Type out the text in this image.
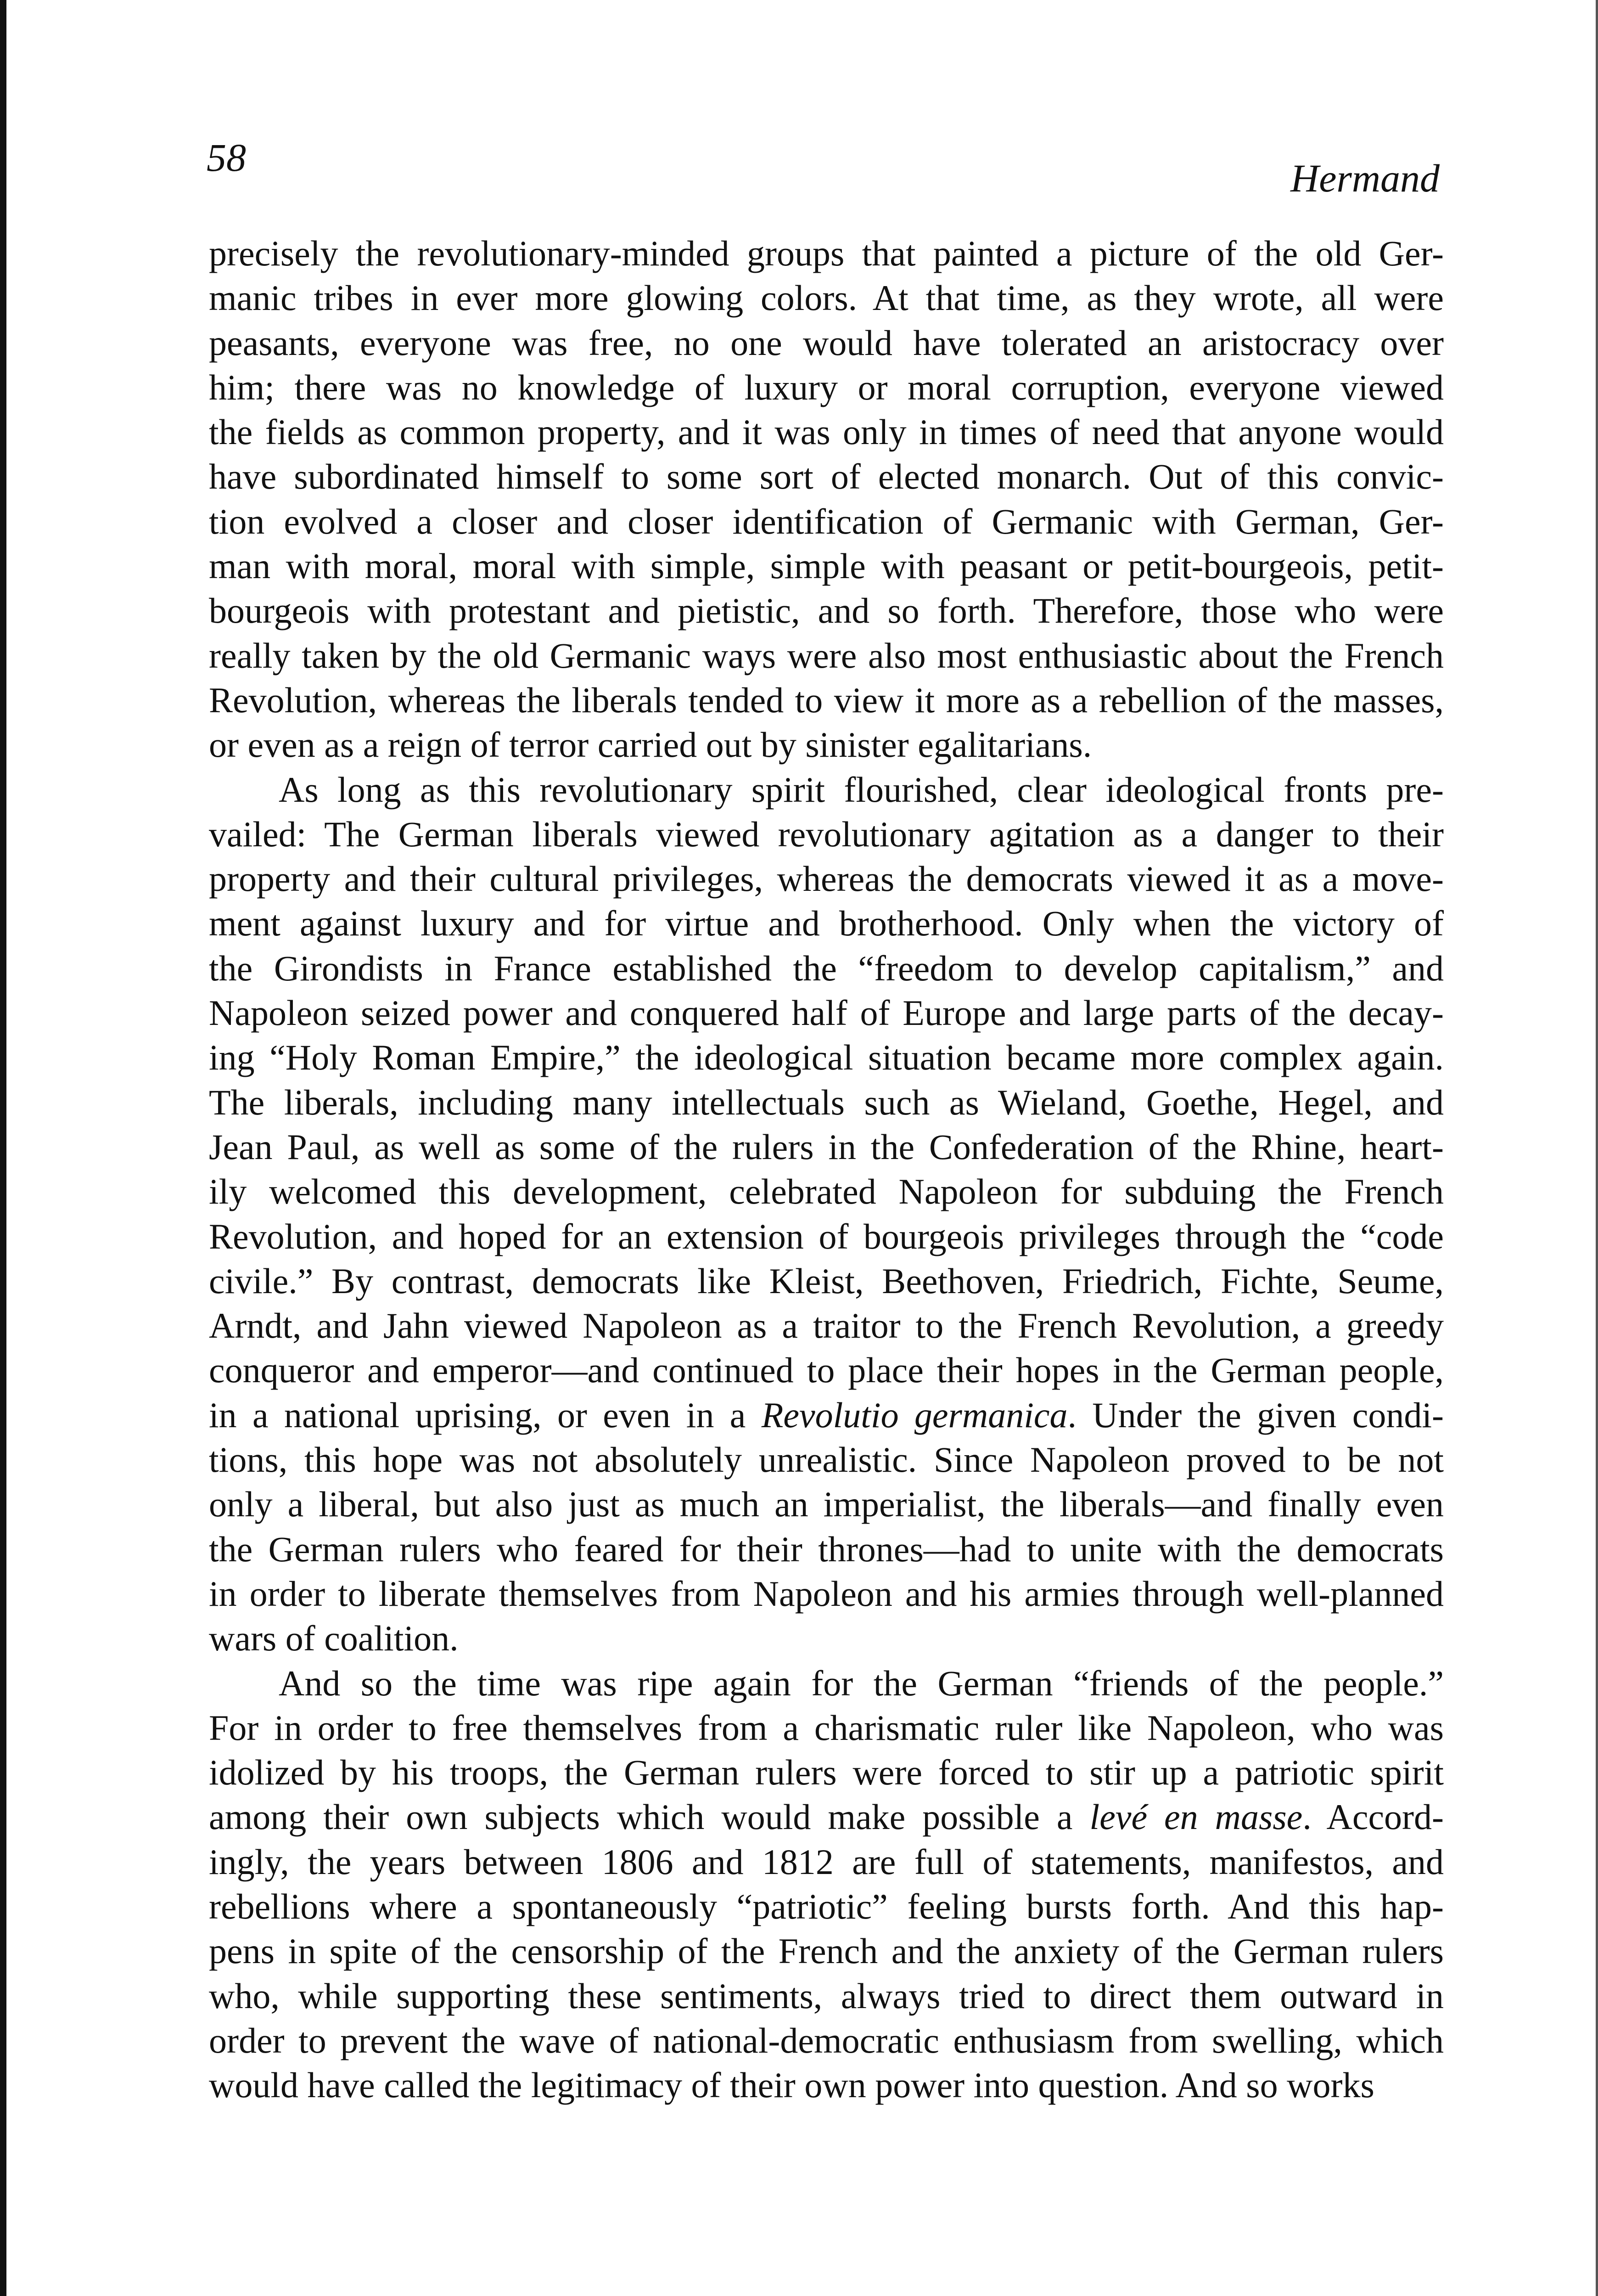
58	Hermand

precisely the revolutionary-minded groups that painted a picture of the old Ger-
manic tribes in ever more glowing colors. At that time, as they wrote, all were
peasants, everyone was free, no one would have tolerated an aristocracy over
him; there was no knowledge of luxury or moral corruption, everyone viewed
the fields as common property, and it was only in times of need that anyone would
have subordinated himself to some sort of elected monarch. Out of this convic-
tion evolved a closer and closer identification of Germanic with German, Ger-
man with moral, moral with simple, simple with peasant or petit-bourgeois, petit-
bourgeois with protestant and pietistic, and so forth. Therefore, those who were
really taken by the old Germanic ways were also most enthusiastic about the French
Revolution, whereas the liberals tended to view it more as a rebellion of the masses,
or even as a reign of terror carried out by sinister egalitarians.

As long as this revolutionary spirit flourished, clear ideological fronts pre-
vailed: The German liberals viewed revolutionary agitation as a danger to their
property and their cultural privileges, whereas the democrats viewed it as a move-
ment against luxury and for virtue and brotherhood. Only when the victory of
the Girondists in France established the “freedom to develop capitalism,” and
Napoleon seized power and conquered half of Europe and large parts of the decay-
ing “Holy Roman Empire,” the ideological situation became more complex again.
The liberals, including many intellectuals such as Wieland, Goethe, Hegel, and
Jean Paul, as well as some of the rulers in the Confederation of the Rhine, heart-
ily welcomed this development, celebrated Napoleon for subduing the French
Revolution, and hoped for an extension of bourgeois privileges through the “code
civile.” By contrast, democrats like Kleist, Beethoven, Friedrich, Fichte, Seume,
Arndt, and Jahn viewed Napoleon as a traitor to the French Revolution, a greedy
conqueror and emperor—and continued to place their hopes in the German people,
in a national uprising, or even in a Revolutio germanica. Under the given condi-
tions, this hope was not absolutely unrealistic. Since Napoleon proved to be not
only a liberal, but also just as much an imperialist, the liberals—and finally even
the German rulers who feared for their thrones—had to unite with the democrats
in order to liberate themselves from Napoleon and his armies through well-planned
wars of coalition.

And so the time was ripe again for the German “friends of the people.”
For in order to free themselves from a charismatic ruler like Napoleon, who was
idolized by his troops, the German rulers were forced to stir up a patriotic spirit
among their own subjects which would make possible a levé en masse. Accord-
ingly, the years between 1806 and 1812 are full of statements, manifestos, and
rebellions where a spontaneously “patriotic” feeling bursts forth. And this hap-
pens in spite of the censorship of the French and the anxiety of the German rulers
who, while supporting these sentiments, always tried to direct them outward in
order to prevent the wave of national-democratic enthusiasm from swelling, which
would have called the legitimacy of their own power into question. And so works
